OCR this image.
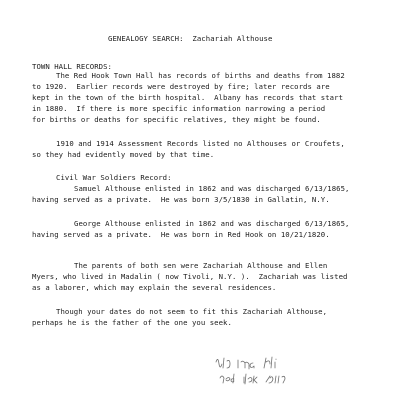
GENEALOGY SEARCH:  Zachariah Althouse
TOWN HALL RECORDS:
The Red Hook Town Hall has records of births and deaths from 1882
to 1920.  Earlier records were destroyed by fire; later records are
kept in the town of the birth hospital.  Albany has records that start
in 1880.  If there is more specific information narrowing a period
for births or deaths for specific relatives, they might be found.
1910 and 1914 Assessment Records listed no Althouses or Croufets,
so they had evidently moved by that time.
Civil War Soldiers Record:
Samuel Althouse enlisted in 1862 and was discharged 6/13/1865,
having served as a private.  He was born 3/5/1830 in Gallatin, N.Y.
George Althouse enlisted in 1862 and was discharged 6/13/1865,
having served as a private.  He was born in Red Hook on 10/21/1820.
The parents of both sen were Zachariah Althouse and Ellen
Myers, who lived in Madalin ( now Tivoli, N.Y. ).  Zachariah was listed
as a laborer, which may explain the several residences.
Though your dates do not seem to fit this Zachariah Althouse,
perhaps he is the father of the one you seek.
